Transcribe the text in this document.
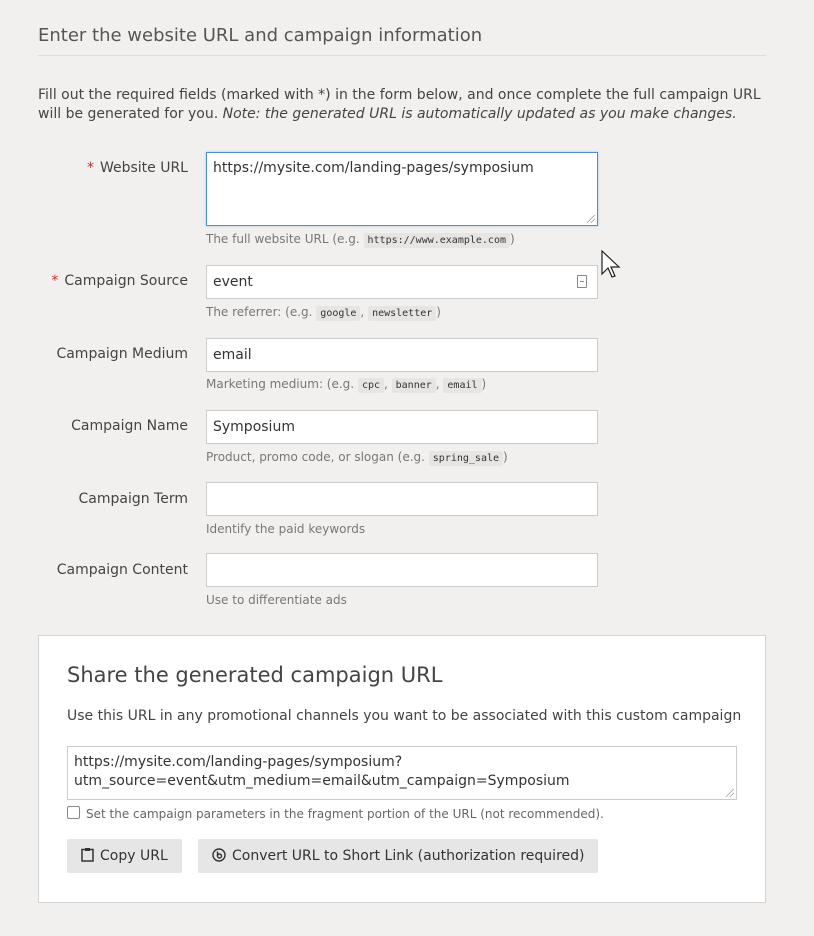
Enter the website URL and campaign information

Fill out the required fields (marked with *) in the form below, and once complete the full campaign URL will be generated for you. Note: the generated URL is automatically updated as you make changes.

* Website URL	https://mysite.com/landing-pages/symposium
The full website URL (e.g. https://www.example.com )
* Campaign Source	event
The referrer: (e.g. google , newsletter )
Campaign Medium	email
Marketing medium: (e.g. cpc , banner , email )
Campaign Name	Symposium
Product, promo code, or slogan (e.g. spring_sale )
Campaign Term
Identify the paid keywords
Campaign Content
Use to differentiate ads
Share the generated campaign URL
Use this URL in any promotional channels you want to be associated with this custom campaign
https://mysite.com/landing-pages/symposium?
utm_source=event&utm_medium=email&utm_campaign=Symposium
Set the campaign parameters in the fragment portion of the URL (not recommended).
Copy URL	Convert URL to Short Link (authorization required)
